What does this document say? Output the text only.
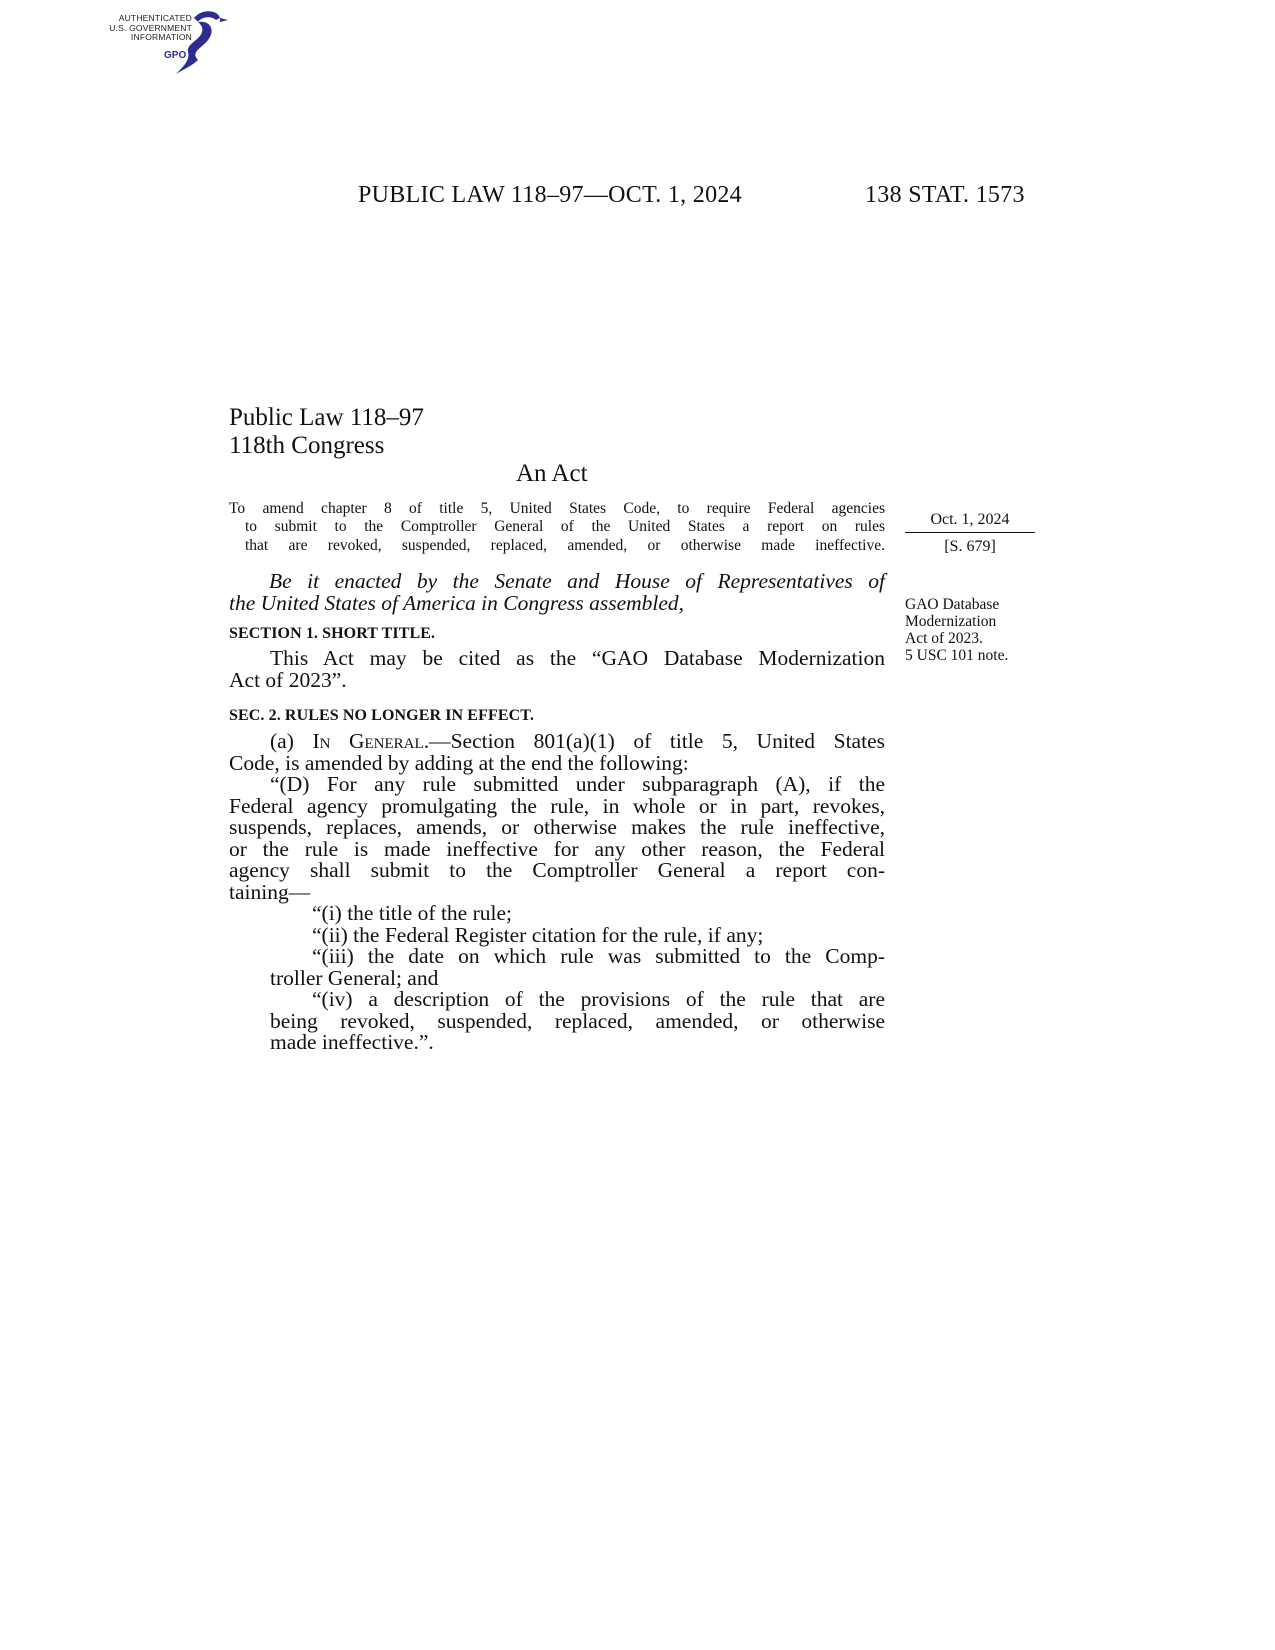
AUTHENTICATED
U.S. GOVERNMENT
INFORMATION
GPO
PUBLIC LAW 118–97—OCT. 1, 2024	138 STAT. 1573
Public Law 118–97
118th Congress
An Act
To amend chapter 8 of title 5, United States Code, to require Federal agencies
to submit to the Comptroller General of the United States a report on rules
that are revoked, suspended, replaced, amended, or otherwise made ineffective.
Oct. 1, 2024
[S. 679]
GAO Database
Modernization
Act of 2023.
5 USC 101 note.
Be it enacted by the Senate and House of Representatives of
the United States of America in Congress assembled,
SECTION 1. SHORT TITLE.
This Act may be cited as the “GAO Database Modernization
Act of 2023”.
SEC. 2. RULES NO LONGER IN EFFECT.
(a) In General.—Section 801(a)(1) of title 5, United States
Code, is amended by adding at the end the following:
“(D) For any rule submitted under subparagraph (A), if the
Federal agency promulgating the rule, in whole or in part, revokes,
suspends, replaces, amends, or otherwise makes the rule ineffective,
or the rule is made ineffective for any other reason, the Federal
agency shall submit to the Comptroller General a report con-
taining—
“(i) the title of the rule;
“(ii) the Federal Register citation for the rule, if any;
“(iii) the date on which rule was submitted to the Comp-
troller General; and
“(iv) a description of the provisions of the rule that are
being revoked, suspended, replaced, amended, or otherwise
made ineffective.”.
